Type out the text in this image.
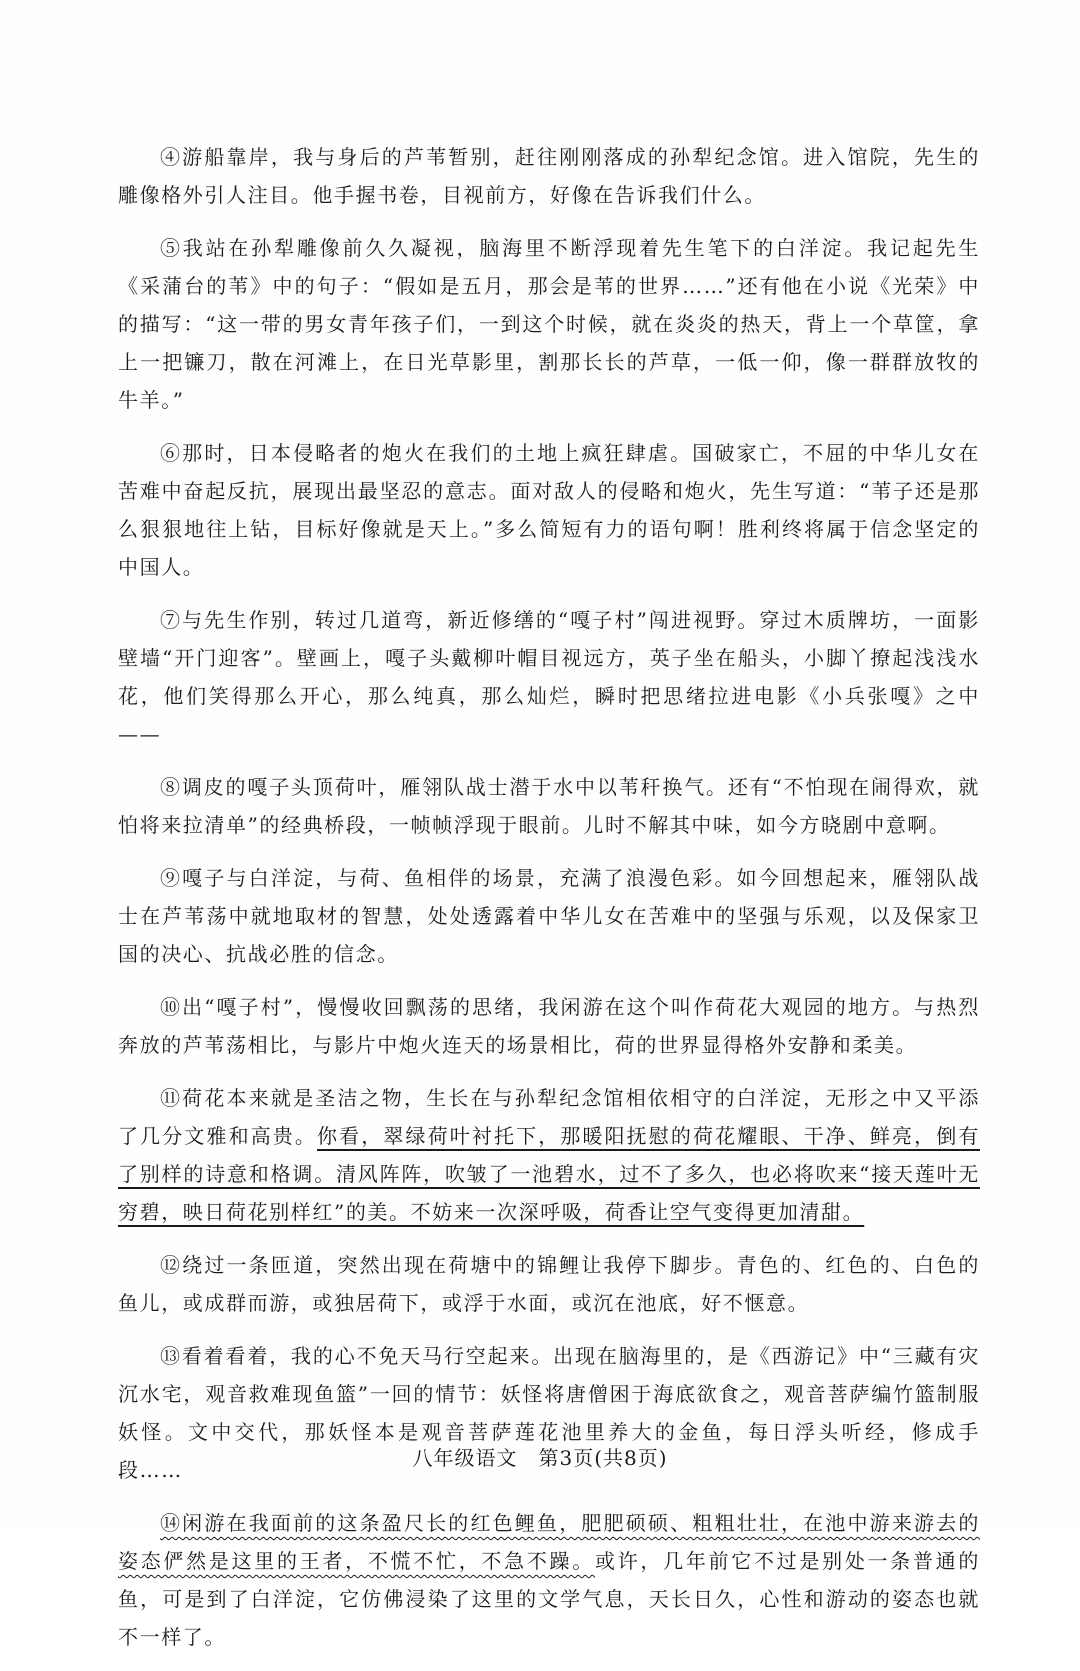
④游船靠岸，我与身后的芦苇暂别，赶往刚刚落成的孙犁纪念馆。进入馆院，先生的雕像格外引人注目。他手握书卷，目视前方，好像在告诉我们什么。

⑤我站在孙犁雕像前久久凝视，脑海里不断浮现着先生笔下的白洋淀。我记起先生《采蒲台的苇》中的句子：“假如是五月，那会是苇的世界……”还有他在小说《光荣》中的描写：“这一带的男女青年孩子们，一到这个时候，就在炎炎的热天，背上一个草筐，拿上一把镰刀，散在河滩上，在日光草影里，割那长长的芦草，一低一仰，像一群群放牧的牛羊。”

⑥那时，日本侵略者的炮火在我们的土地上疯狂肆虐。国破家亡，不屈的中华儿女在苦难中奋起反抗，展现出最坚忍的意志。面对敌人的侵略和炮火，先生写道：“苇子还是那么狠狠地往上钻，目标好像就是天上。”多么简短有力的语句啊！胜利终将属于信念坚定的中国人。

⑦与先生作别，转过几道弯，新近修缮的“嘎子村”闯进视野。穿过木质牌坊，一面影壁墙“开门迎客”。壁画上，嘎子头戴柳叶帽目视远方，英子坐在船头，小脚丫撩起浅浅水花，他们笑得那么开心，那么纯真，那么灿烂，瞬时把思绪拉进电影《小兵张嘎》之中——

⑧调皮的嘎子头顶荷叶，雁翎队战士潜于水中以苇秆换气。还有“不怕现在闹得欢，就怕将来拉清单”的经典桥段，一帧帧浮现于眼前。儿时不解其中味，如今方晓剧中意啊。

⑨嘎子与白洋淀，与荷、鱼相伴的场景，充满了浪漫色彩。如今回想起来，雁翎队战士在芦苇荡中就地取材的智慧，处处透露着中华儿女在苦难中的坚强与乐观，以及保家卫国的决心、抗战必胜的信念。

⑩出“嘎子村”，慢慢收回飘荡的思绪，我闲游在这个叫作荷花大观园的地方。与热烈奔放的芦苇荡相比，与影片中炮火连天的场景相比，荷的世界显得格外安静和柔美。

⑪荷花本来就是圣洁之物，生长在与孙犁纪念馆相依相守的白洋淀，无形之中又平添了几分文雅和高贵。你看，翠绿荷叶衬托下，那暖阳抚慰的荷花耀眼、干净、鲜亮，倒有了别样的诗意和格调。清风阵阵，吹皱了一池碧水，过不了多久，也必将吹来“接天莲叶无穷碧，映日荷花别样红”的美。不妨来一次深呼吸，荷香让空气变得更加清甜。

⑫绕过一条匝道，突然出现在荷塘中的锦鲤让我停下脚步。青色的、红色的、白色的鱼儿，或成群而游，或独居荷下，或浮于水面，或沉在池底，好不惬意。

⑬看着看着，我的心不免天马行空起来。出现在脑海里的，是《西游记》中“三藏有灾沉水宅，观音救难现鱼篮”一回的情节：妖怪将唐僧困于海底欲食之，观音菩萨编竹篮制服妖怪。文中交代，那妖怪本是观音菩萨莲花池里养大的金鱼，每日浮头听经，修成手段……

⑭闲游在我面前的这条盈尺长的红色鲤鱼，肥肥硕硕、粗粗壮壮，在池中游来游去的姿态俨然是这里的王者，不慌不忙，不急不躁。或许，几年前它不过是别处一条普通的鱼，可是到了白洋淀，它仿佛浸染了这里的文学气息，天长日久，心性和游动的姿态也就不一样了。

八年级语文　第3页(共8页)
